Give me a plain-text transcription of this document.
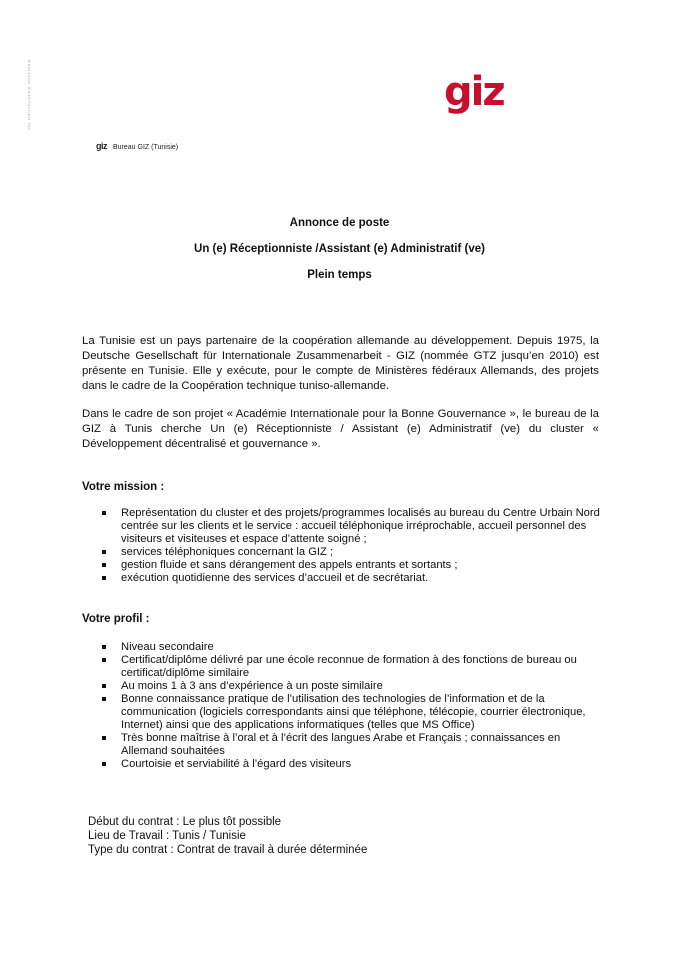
Deutsche Gesellschaft für	giz
giz Bureau GIZ (Tunisie)
Annonce de poste
Un (e) Réceptionniste /Assistant (e) Administratif (ve)
Plein temps

La Tunisie est un pays partenaire de la coopération allemande au développement. Depuis 1975, la Deutsche Gesellschaft für Internationale Zusammenarbeit - GIZ (nommée GTZ jusqu’en 2010) est présente en Tunisie. Elle y exécute, pour le compte de Ministères fédéraux Allemands, des projets dans le cadre de la Coopération technique tuniso-allemande.

Dans le cadre de son projet « Académie Internationale pour la Bonne Gouvernance », le bureau de la GIZ à Tunis cherche Un (e) Réceptionniste / Assistant (e) Administratif (ve) du cluster « Développement décentralisé et gouvernance ».

Votre mission :
Représentation du cluster et des projets/programmes localisés au bureau du Centre Urbain Nord centrée sur les clients et le service : accueil téléphonique irréprochable, accueil personnel des visiteurs et visiteuses et espace d’attente soigné ;
services téléphoniques concernant la GIZ ;
gestion fluide et sans dérangement des appels entrants et sortants ;
exécution quotidienne des services d’accueil et de secrétariat.
Votre profil :
Niveau secondaire
Certificat/diplôme délivré par une école reconnue de formation à des fonctions de bureau ou certificat/diplôme similaire
Au moins 1 à 3 ans d’expérience à un poste similaire
Bonne connaissance pratique de l’utilisation des technologies de l’information et de la communication (logiciels correspondants ainsi que téléphone, télécopie, courrier électronique, Internet) ainsi que des applications informatiques (telles que MS Office)
Très bonne maîtrise à l’oral et à l’écrit des langues Arabe et Français ; connaissances en Allemand souhaitées
Courtoisie et serviabilité à l’égard des visiteurs
Début du contrat : Le plus tôt possible
Lieu de Travail : Tunis / Tunisie
Type du contrat : Contrat de travail à durée déterminée
